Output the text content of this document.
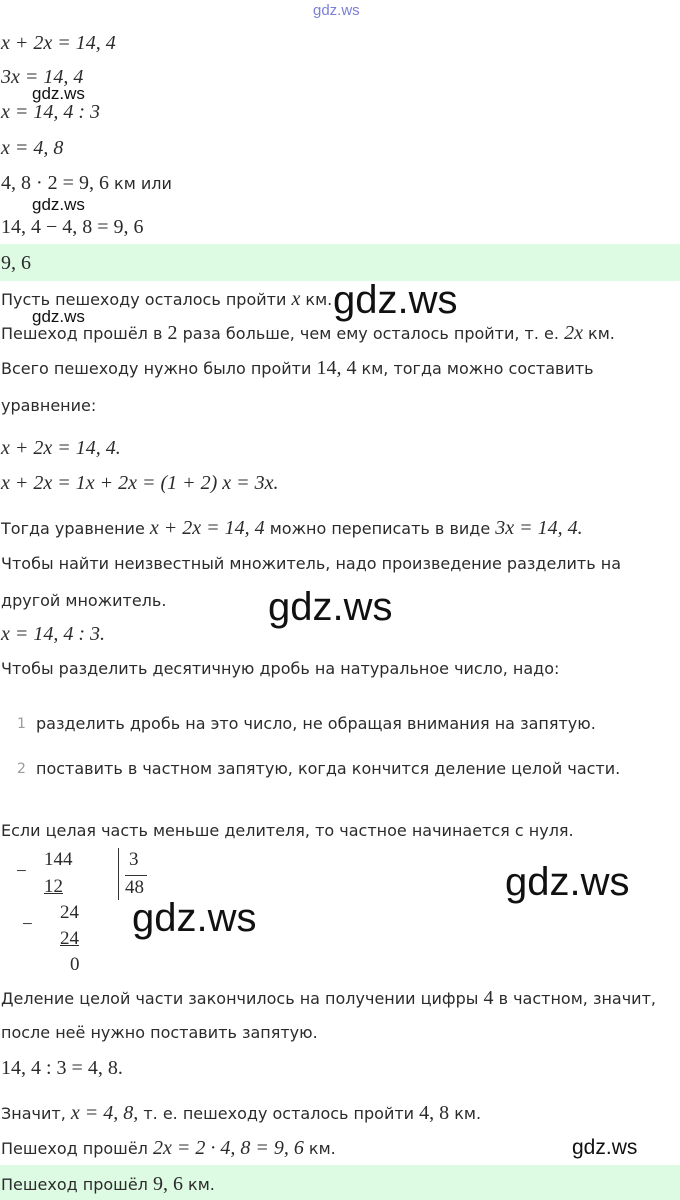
gdz.ws
x + 2x = 14, 4
3x = 14, 4
gdz.ws
x = 14, 4 : 3
x = 4, 8
4, 8 · 2 = 9, 6 км или
gdz.ws
14, 4 − 4, 8 = 9, 6
9, 6
Пусть пешеходу осталось пройти x км. gdz.ws
gdz.ws
Пешеход прошёл в 2 раза больше, чем ему осталось пройти, т. е. 2x км.
Всего пешеходу нужно было пройти 14, 4 км, тогда можно составить
уравнение:
x + 2x = 14, 4.
x + 2x = 1x + 2x = (1 + 2) x = 3x.
Тогда уравнение x + 2x = 14, 4 можно переписать в виде 3x = 14, 4.
Чтобы найти неизвестный множитель, надо произведение разделить на
другой множитель.	gdz.ws
x = 14, 4 : 3.
Чтобы разделить десятичную дробь на натуральное число, надо:
1 разделить дробь на это число, не обращая внимания на запятую.
2 поставить в частном запятую, когда кончится деление целой части.
Если целая часть меньше делителя, то частное начинается с нуля.
−
144
12
−
24
24
0
3
48	gdz.ws
gdz.ws
Деление целой части закончилось на получении цифры 4 в частном, значит,
после неё нужно поставить запятую.
14, 4 : 3 = 4, 8.
Значит, x = 4, 8, т. е. пешеходу осталось пройти 4, 8 км.
Пешеход прошёл 2x = 2 · 4, 8 = 9, 6 км.	gdz.ws
Пешеход прошёл 9, 6 км.
